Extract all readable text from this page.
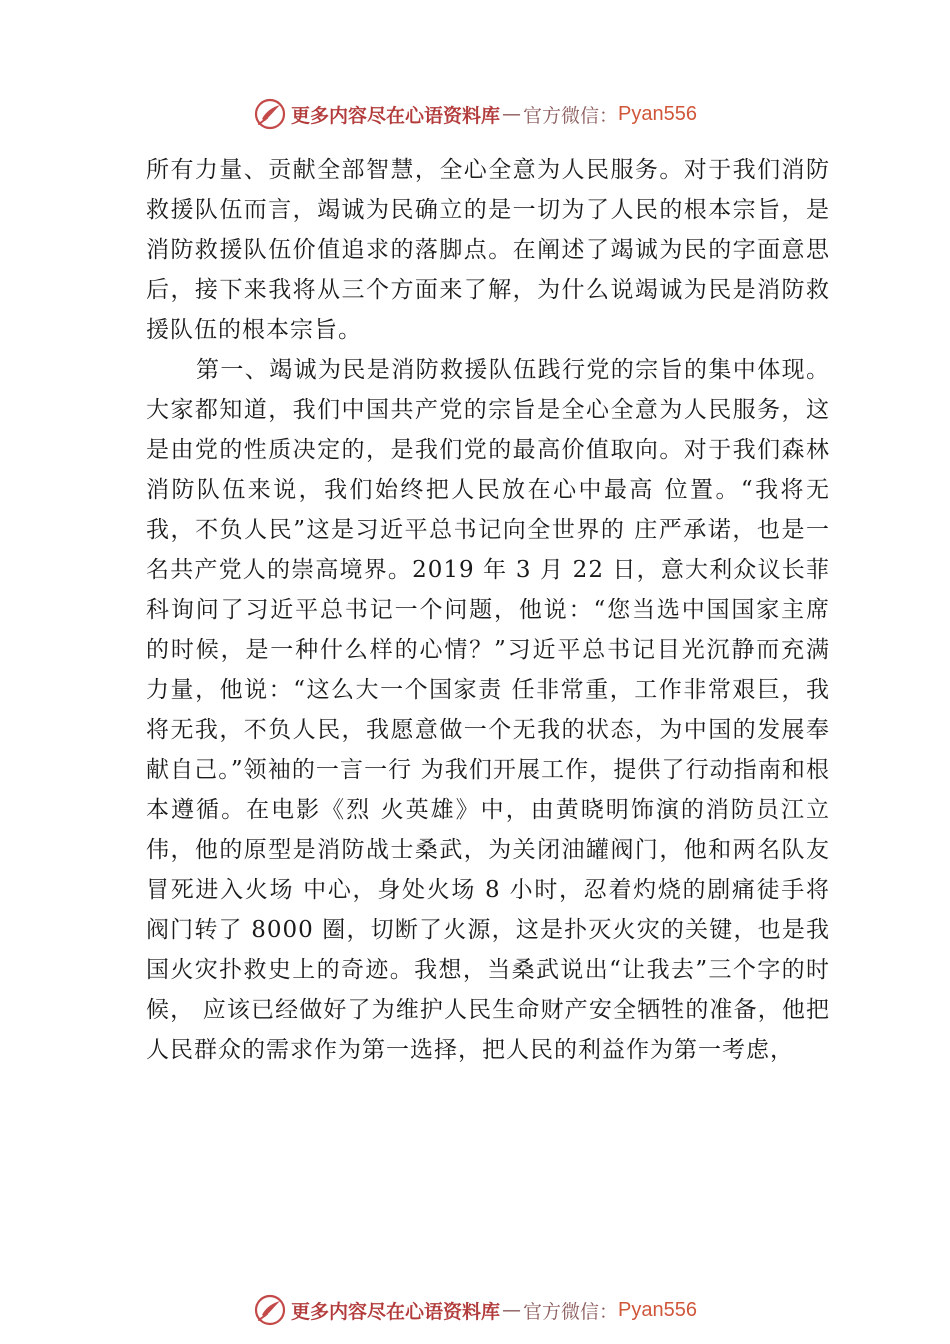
更多内容尽在心语资料库 — 官方微信： Pyan556

所有力量、贡献全部智慧，全心全意为人民服务。对于我们消防救援队伍而言，竭诚为民确立的是一切为了人民的根本宗旨，是消防救援队伍价值追求的落脚点。在阐述了竭诚为民的字面意思后，接下来我将从三个方面来了解，为什么说竭诚为民是消防救援队伍的根本宗旨。

第一、竭诚为民是消防救援队伍践行党的宗旨的集中体现。大家都知道，我们中国共产党的宗旨是全心全意为人民服务，这是由党的性质决定的，是我们党的最高价值取向。对于我们森林消防队伍来说，我们始终把人民放在心中最高 位置。“我将无我，不负人民”这是习近平总书记向全世界的 庄严承诺，也是一名共产党人的崇高境界。2019 年 3 月 22 日，意大利众议长菲科询问了习近平总书记一个问题，他说：“您当选中国国家主席的时候，是一种什么样的心情？”习近平总书记目光沉静而充满力量，他说：“这么大一个国家责 任非常重，工作非常艰巨，我将无我，不负人民，我愿意做一个无我的状态，为中国的发展奉献自己。”领袖的一言一行 为我们开展工作，提供了行动指南和根本遵循。在电影《烈 火英雄》中，由黄晓明饰演的消防员江立伟，他的原型是消防战士桑武，为关闭油罐阀门，他和两名队友冒死进入火场 中心，身处火场 8 小时，忍着灼烧的剧痛徒手将阀门转了 8000 圈，切断了火源，这是扑灭火灾的关键，也是我国火灾扑救史上的奇迹。我想，当桑武说出“让我去”三个字的时候， 应该已经做好了为维护人民生命财产安全牺牲的准备，他把 人民群众的需求作为第一选择，把人民的利益作为第一考虑，

更多内容尽在心语资料库 — 官方微信： Pyan556
